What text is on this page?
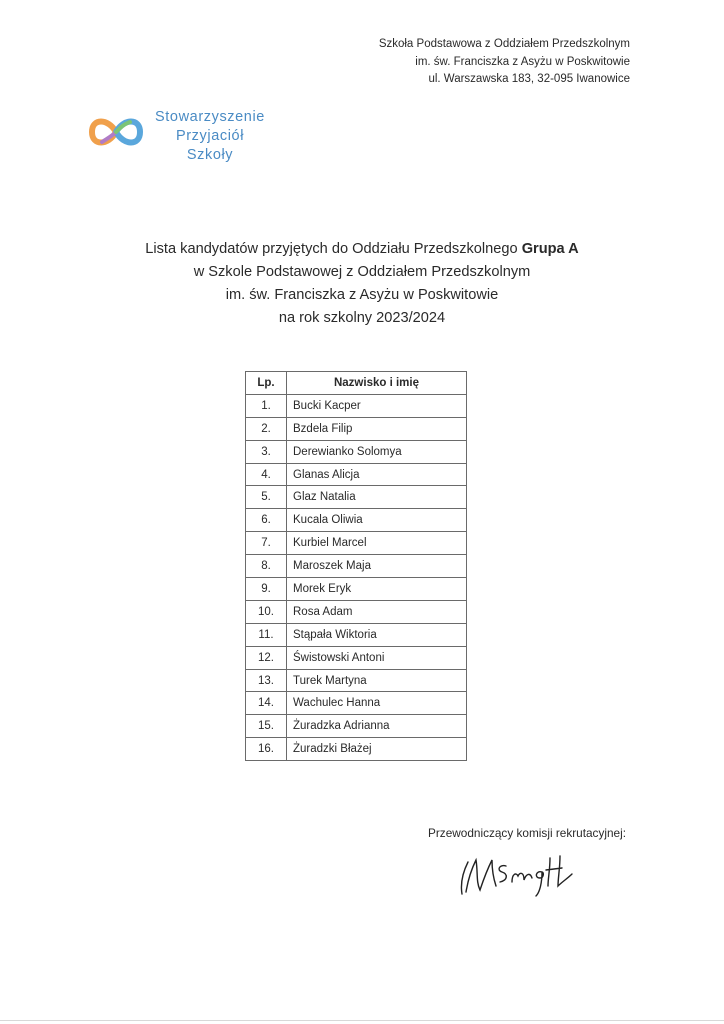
Szkoła Podstawowa z Oddziałem Przedszkolnym
im. św. Franciszka z Asyżu w Poskwitowie
ul. Warszawska 183, 32-095 Iwanowice
Stowarzyszenie
Przyjaciół
Szkoły

Lista kandydatów przyjętych do Oddziału Przedszkolnego Grupa A

w Szkole Podstawowej z Oddziałem Przedszkolnym

im. św. Franciszka z Asyżu w Poskwitowie

na rok szkolny 2023/2024

Lp.	Nazwisko i imię
1.	Bucki Kacper
2.	Bzdela Filip
3.	Derewianko Solomya
4.	Glanas Alicja
5.	Glaz Natalia
6.	Kucala Oliwia
7.	Kurbiel Marcel
8.	Maroszek Maja
9.	Morek Eryk
10.	Rosa Adam
11.	Stąpała Wiktoria
12.	Świstowski Antoni
13.	Turek Martyna
14.	Wachulec Hanna
15.	Żuradzka Adrianna
16.	Żuradzki Błażej
Przewodniczący komisji rekrutacyjnej:
